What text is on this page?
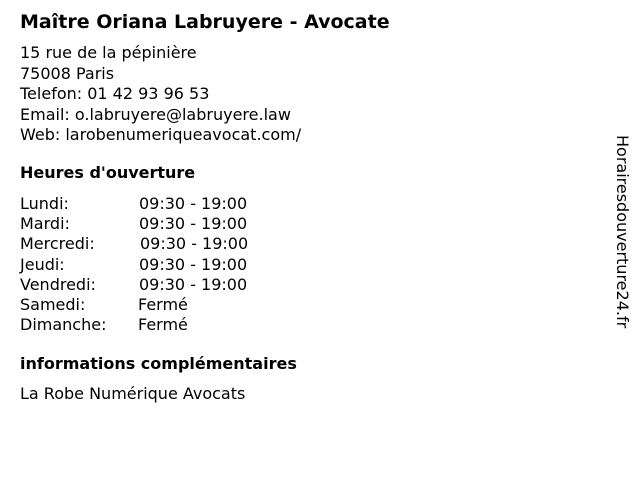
Maître Oriana Labruyere - Avocate
15 rue de la pépinière
75008 Paris
Telefon: 01 42 93 96 53
Email: o.labruyere@labruyere.law
Web: larobenumeriqueavocat.com/
Heures d'ouverture
Lundi:	09:30 - 19:00
Mardi:	09:30 - 19:00
Mercredi:	09:30 - 19:00
Jeudi:	09:30 - 19:00
Vendredi:	09:30 - 19:00
Samedi:	Fermé
Dimanche: Fermé
informations complémentaires
La Robe Numérique Avocats
Horairesdouverture24.fr
